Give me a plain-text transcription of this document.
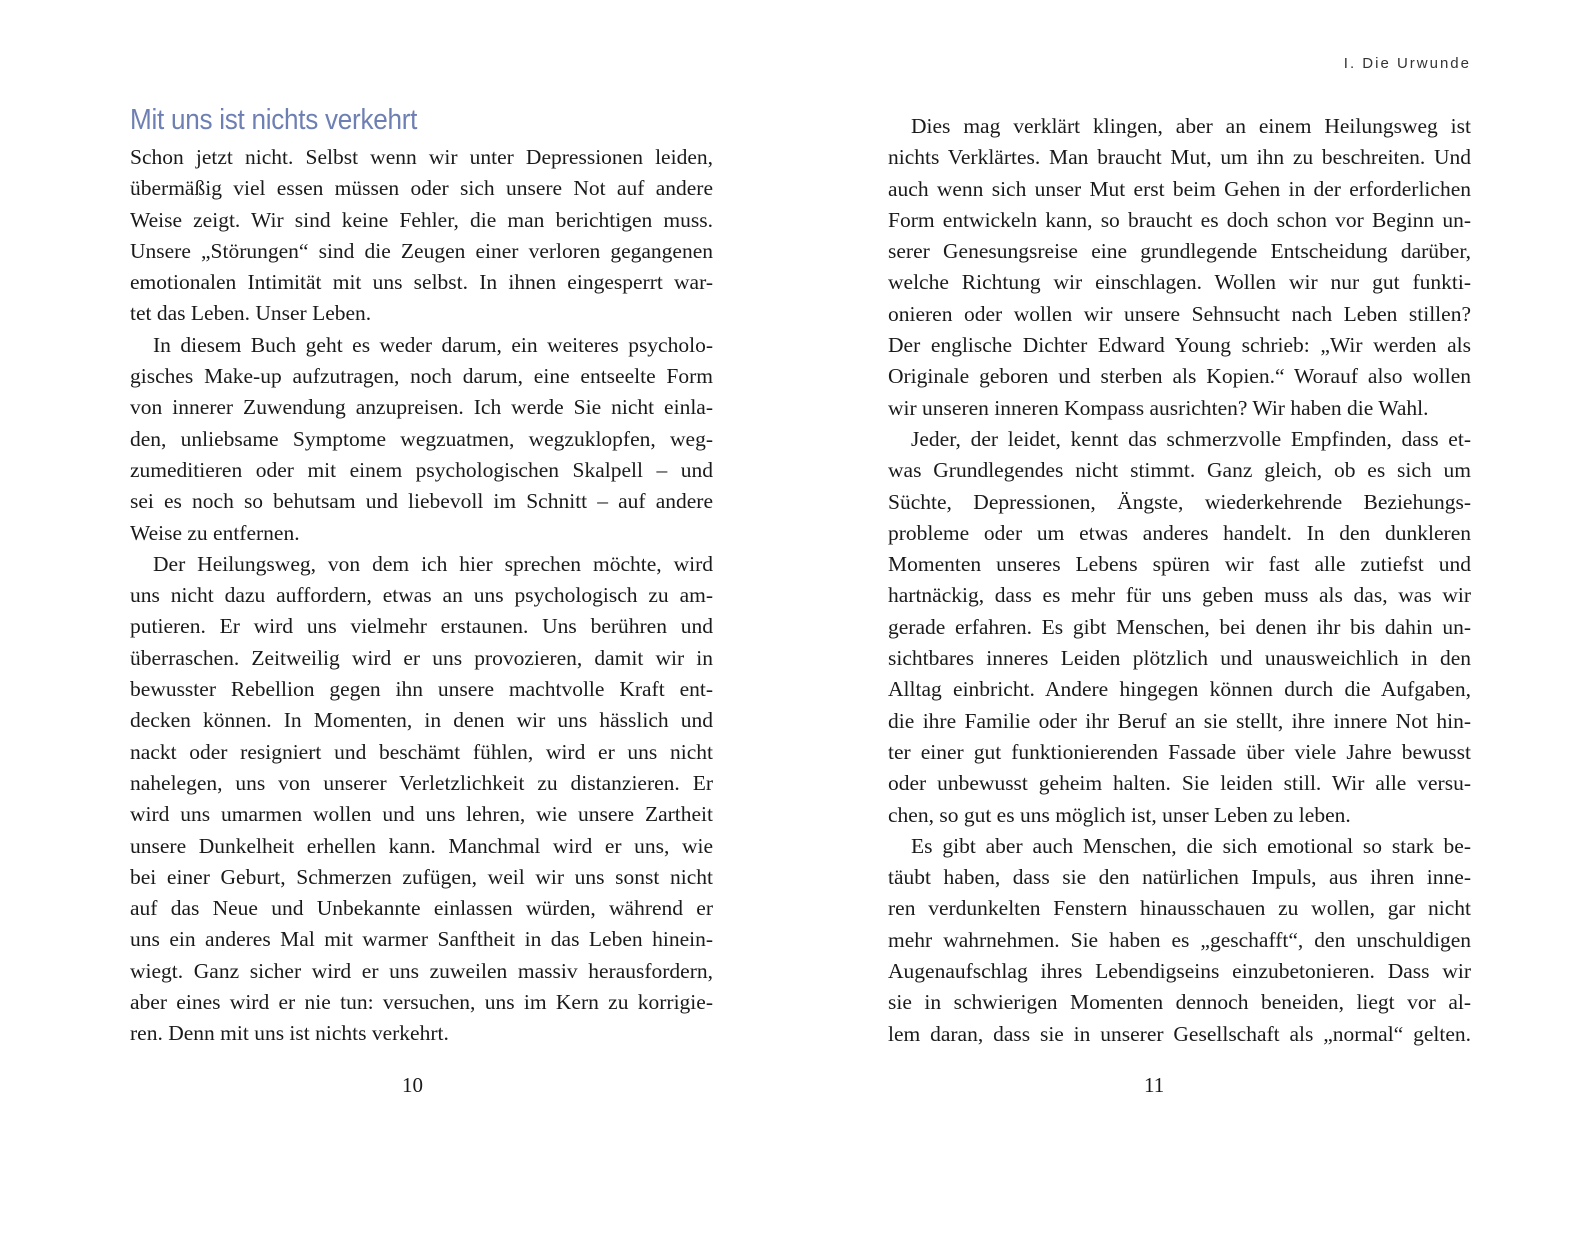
Mit uns ist nichts verkehrt
Schon jetzt nicht. Selbst wenn wir unter Depressionen leiden,
übermäßig viel essen müssen oder sich unsere Not auf andere
Weise zeigt. Wir sind keine Fehler, die man berichtigen muss.
Unsere „Störungen“ sind die Zeugen einer verloren gegangenen
emotionalen Intimität mit uns selbst. In ihnen eingesperrt war-
tet das Leben. Unser Leben.
In diesem Buch geht es weder darum, ein weiteres psycholo-
gisches Make-up aufzutragen, noch darum, eine entseelte Form
von innerer Zuwendung anzupreisen. Ich werde Sie nicht einla-
den, unliebsame Symptome wegzuatmen, wegzuklopfen, weg-
zumeditieren oder mit einem psychologischen Skalpell – und
sei es noch so behutsam und liebevoll im Schnitt – auf andere
Weise zu entfernen.
Der Heilungsweg, von dem ich hier sprechen möchte, wird
uns nicht dazu auffordern, etwas an uns psychologisch zu am-
putieren. Er wird uns vielmehr erstaunen. Uns berühren und
überraschen. Zeitweilig wird er uns provozieren, damit wir in
bewusster Rebellion gegen ihn unsere machtvolle Kraft ent-
decken können. In Momenten, in denen wir uns hässlich und
nackt oder resigniert und beschämt fühlen, wird er uns nicht
nahelegen, uns von unserer Verletzlichkeit zu distanzieren. Er
wird uns umarmen wollen und uns lehren, wie unsere Zartheit
unsere Dunkelheit erhellen kann. Manchmal wird er uns, wie
bei einer Geburt, Schmerzen zufügen, weil wir uns sonst nicht
auf das Neue und Unbekannte einlassen würden, während er
uns ein anderes Mal mit warmer Sanftheit in das Leben hinein-
wiegt. Ganz sicher wird er uns zuweilen massiv herausfordern,
aber eines wird er nie tun: versuchen, uns im Kern zu korrigie-
ren. Denn mit uns ist nichts verkehrt.
10
I. Die Urwunde
Dies mag verklärt klingen, aber an einem Heilungsweg ist
nichts Verklärtes. Man braucht Mut, um ihn zu beschreiten. Und
auch wenn sich unser Mut erst beim Gehen in der erforderlichen
Form entwickeln kann, so braucht es doch schon vor Beginn un-
serer Genesungsreise eine grundlegende Entscheidung darüber,
welche Richtung wir einschlagen. Wollen wir nur gut funkti-
onieren oder wollen wir unsere Sehnsucht nach Leben stillen?
Der englische Dichter Edward Young schrieb: „Wir werden als
Originale geboren und sterben als Kopien.“ Worauf also wollen
wir unseren inneren Kompass ausrichten? Wir haben die Wahl.
Jeder, der leidet, kennt das schmerzvolle Empfinden, dass et-
was Grundlegendes nicht stimmt. Ganz gleich, ob es sich um
Süchte, Depressionen, Ängste, wiederkehrende Beziehungs-
probleme oder um etwas anderes handelt. In den dunkleren
Momenten unseres Lebens spüren wir fast alle zutiefst und
hartnäckig, dass es mehr für uns geben muss als das, was wir
gerade erfahren. Es gibt Menschen, bei denen ihr bis dahin un-
sichtbares inneres Leiden plötzlich und unausweichlich in den
Alltag einbricht. Andere hingegen können durch die Aufgaben,
die ihre Familie oder ihr Beruf an sie stellt, ihre innere Not hin-
ter einer gut funktionierenden Fassade über viele Jahre bewusst
oder unbewusst geheim halten. Sie leiden still. Wir alle versu-
chen, so gut es uns möglich ist, unser Leben zu leben.
Es gibt aber auch Menschen, die sich emotional so stark be-
täubt haben, dass sie den natürlichen Impuls, aus ihren inne-
ren verdunkelten Fenstern hinausschauen zu wollen, gar nicht
mehr wahrnehmen. Sie haben es „geschafft“, den unschuldigen
Augenaufschlag ihres Lebendigseins einzubetonieren. Dass wir
sie in schwierigen Momenten dennoch beneiden, liegt vor al-
lem daran, dass sie in unserer Gesellschaft als „normal“ gelten.
11
